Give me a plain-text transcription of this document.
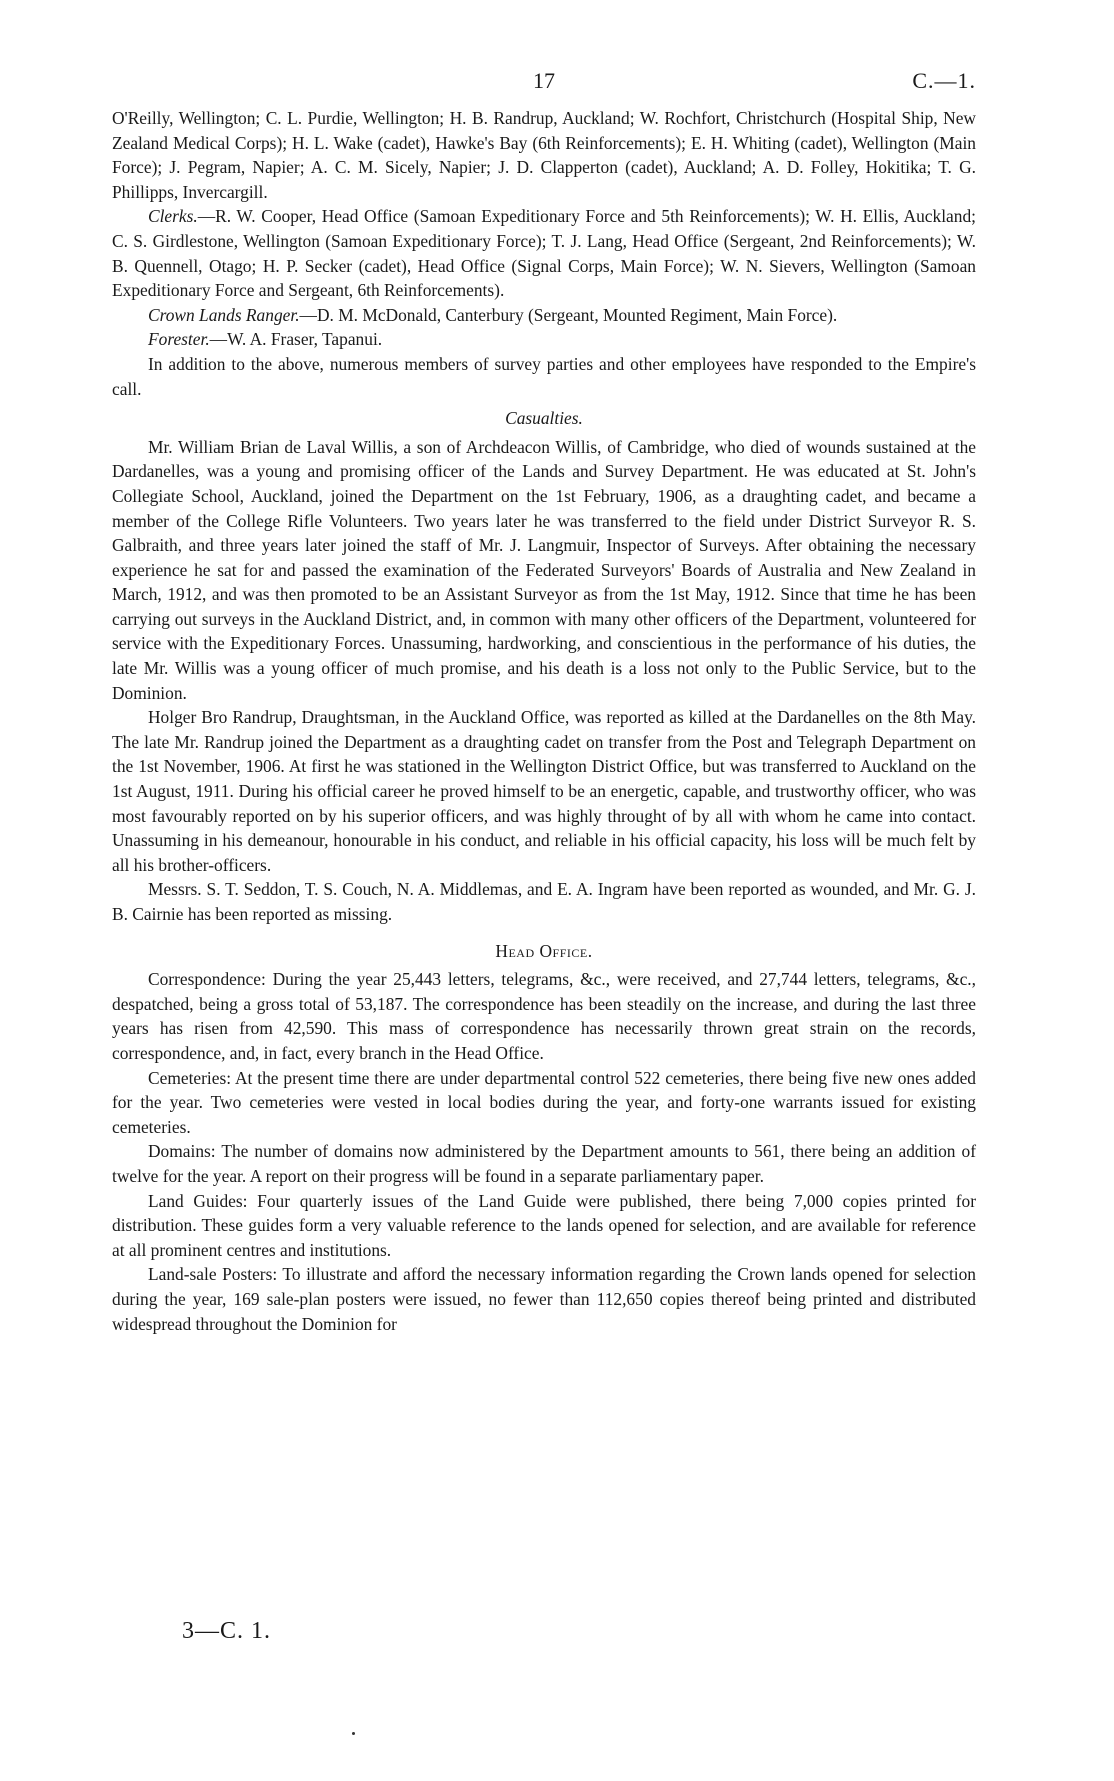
17	C.—1.

O'Reilly, Wellington; C. L. Purdie, Wellington; H. B. Randrup, Auckland; W. Rochfort, Christchurch (Hospital Ship, New Zealand Medical Corps); H. L. Wake (cadet), Hawke's Bay (6th Reinforcements); E. H. Whiting (cadet), Wellington (Main Force); J. Pegram, Napier; A. C. M. Sicely, Napier; J. D. Clapperton (cadet), Auckland; A. D. Folley, Hokitika; T. G. Phillipps, Invercargill.

Clerks.—R. W. Cooper, Head Office (Samoan Expeditionary Force and 5th Reinforcements); W. H. Ellis, Auckland; C. S. Girdlestone, Wellington (Samoan Expeditionary Force); T. J. Lang, Head Office (Sergeant, 2nd Reinforcements); W. B. Quennell, Otago; H. P. Secker (cadet), Head Office (Signal Corps, Main Force); W. N. Sievers, Wellington (Samoan Expeditionary Force and Sergeant, 6th Reinforcements).

Crown Lands Ranger.—D. M. McDonald, Canterbury (Sergeant, Mounted Regiment, Main Force).

Forester.—W. A. Fraser, Tapanui.

In addition to the above, numerous members of survey parties and other employees have responded to the Empire's call.

Casualties.

Mr. William Brian de Laval Willis, a son of Archdeacon Willis, of Cambridge, who died of wounds sustained at the Dardanelles, was a young and promising officer of the Lands and Survey Department. He was educated at St. John's Collegiate School, Auckland, joined the Department on the 1st February, 1906, as a draughting cadet, and became a member of the College Rifle Volunteers. Two years later he was transferred to the field under District Surveyor R. S. Galbraith, and three years later joined the staff of Mr. J. Langmuir, Inspector of Surveys. After obtaining the necessary experience he sat for and passed the examination of the Federated Surveyors' Boards of Australia and New Zealand in March, 1912, and was then promoted to be an Assistant Surveyor as from the 1st May, 1912. Since that time he has been carrying out surveys in the Auckland District, and, in common with many other officers of the Department, volunteered for service with the Expeditionary Forces. Unassuming, hardworking, and conscientious in the performance of his duties, the late Mr. Willis was a young officer of much promise, and his death is a loss not only to the Public Service, but to the Dominion.

Holger Bro Randrup, Draughtsman, in the Auckland Office, was reported as killed at the Dardanelles on the 8th May. The late Mr. Randrup joined the Department as a draughting cadet on transfer from the Post and Telegraph Department on the 1st November, 1906. At first he was stationed in the Wellington District Office, but was transferred to Auckland on the 1st August, 1911. During his official career he proved himself to be an energetic, capable, and trustworthy officer, who was most favourably reported on by his superior officers, and was highly throught of by all with whom he came into contact. Unassuming in his demeanour, honourable in his conduct, and reliable in his official capacity, his loss will be much felt by all his brother-officers.

Messrs. S. T. Seddon, T. S. Couch, N. A. Middlemas, and E. A. Ingram have been reported as wounded, and Mr. G. J. B. Cairnie has been reported as missing.

Head Office.

Correspondence: During the year 25,443 letters, telegrams, &c., were received, and 27,744 letters, telegrams, &c., despatched, being a gross total of 53,187. The correspondence has been steadily on the increase, and during the last three years has risen from 42,590. This mass of correspondence has necessarily thrown great strain on the records, correspondence, and, in fact, every branch in the Head Office.

Cemeteries: At the present time there are under departmental control 522 cemeteries, there being five new ones added for the year. Two cemeteries were vested in local bodies during the year, and forty-one warrants issued for existing cemeteries.

Domains: The number of domains now administered by the Department amounts to 561, there being an addition of twelve for the year. A report on their progress will be found in a separate parliamentary paper.

Land Guides: Four quarterly issues of the Land Guide were published, there being 7,000 copies printed for distribution. These guides form a very valuable reference to the lands opened for selection, and are available for reference at all prominent centres and institutions.

Land-sale Posters: To illustrate and afford the necessary information regarding the Crown lands opened for selection during the year, 169 sale-plan posters were issued, no fewer than 112,650 copies thereof being printed and distributed widespread throughout the Dominion for

3—C. 1.
